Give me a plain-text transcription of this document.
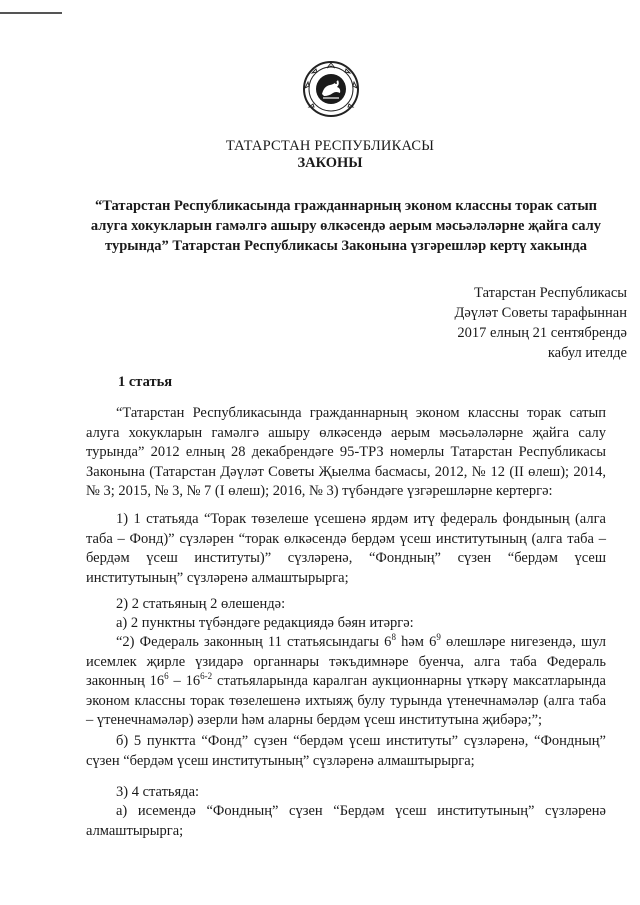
ТАТАРСТАН РЕСПУБЛИКАСЫ
ЗАКОНЫ

“Татарстан Республикасында гражданнарның эконом классны торак сатып алуга хокукларын гамәлгә ашыру өлкәсендә аерым мәсьәләләрне җайга салу турында” Татарстан Республикасы Законына үзгәрешләр кертү хакында

Татарстан Республикасы
Дәүләт Советы тарафыннан
2017 елның 21 сентябрендә
кабул ителде
1 статья

“Татарстан Республикасында гражданнарның эконом классны торак сатып алуга хокукларын гамәлгә ашыру өлкәсендә аерым мәсьәләләрне җайга салу турында” 2012 елның 28 декабрендәге 95-ТРЗ номерлы Татарстан Республикасы Законына (Татарстан Дәүләт Советы Җыелма басмасы, 2012, № 12 (II өлеш); 2014, № 3; 2015, № 3, № 7 (I өлеш); 2016, № 3) түбәндәге үзгәрешләрне кертергә:

1) 1 статьяда “Торак төзелеше үсешенә ярдәм итү федераль фондының (алга таба – Фонд)” сүзләрен “торак өлкәсендә бердәм үсеш институтының (алга таба – бердәм үсеш институты)” сүзләренә, “Фондның” сүзен “бердәм үсеш институтының” сүзләренә алмаштырырга;

2) 2 статьяның 2 өлешендә:

а) 2 пунктны түбәндәге редакциядә бәян итәргә:

“2) Федераль законның 11 статьясындагы $6^8$ һәм $6^9$ өлешләре нигезендә, шул исемлек җирле үзидарә органнары тәкъдимнәре буенча, алга таба Федераль законның $16^6 - 16^{6-2}$ статьяларында каралган аукционнарны үткәрү максатларында эконом классны торак төзелешенә ихтыяҗ булу турында үтенечнамәләр (алга таба – үтенечнамәләр) әзерли һәм аларны бердәм үсеш институтына җибәрә;”;

б) 5 пунктта “Фонд” сүзен “бердәм үсеш институты” сүзләренә, “Фондның” сүзен “бердәм үсеш институтының” сүзләренә алмаштырырга;

3) 4 статьяда:

а) исемендә “Фондның” сүзен “Бердәм үсеш институтының” сүзләренә алмаштырырга;
